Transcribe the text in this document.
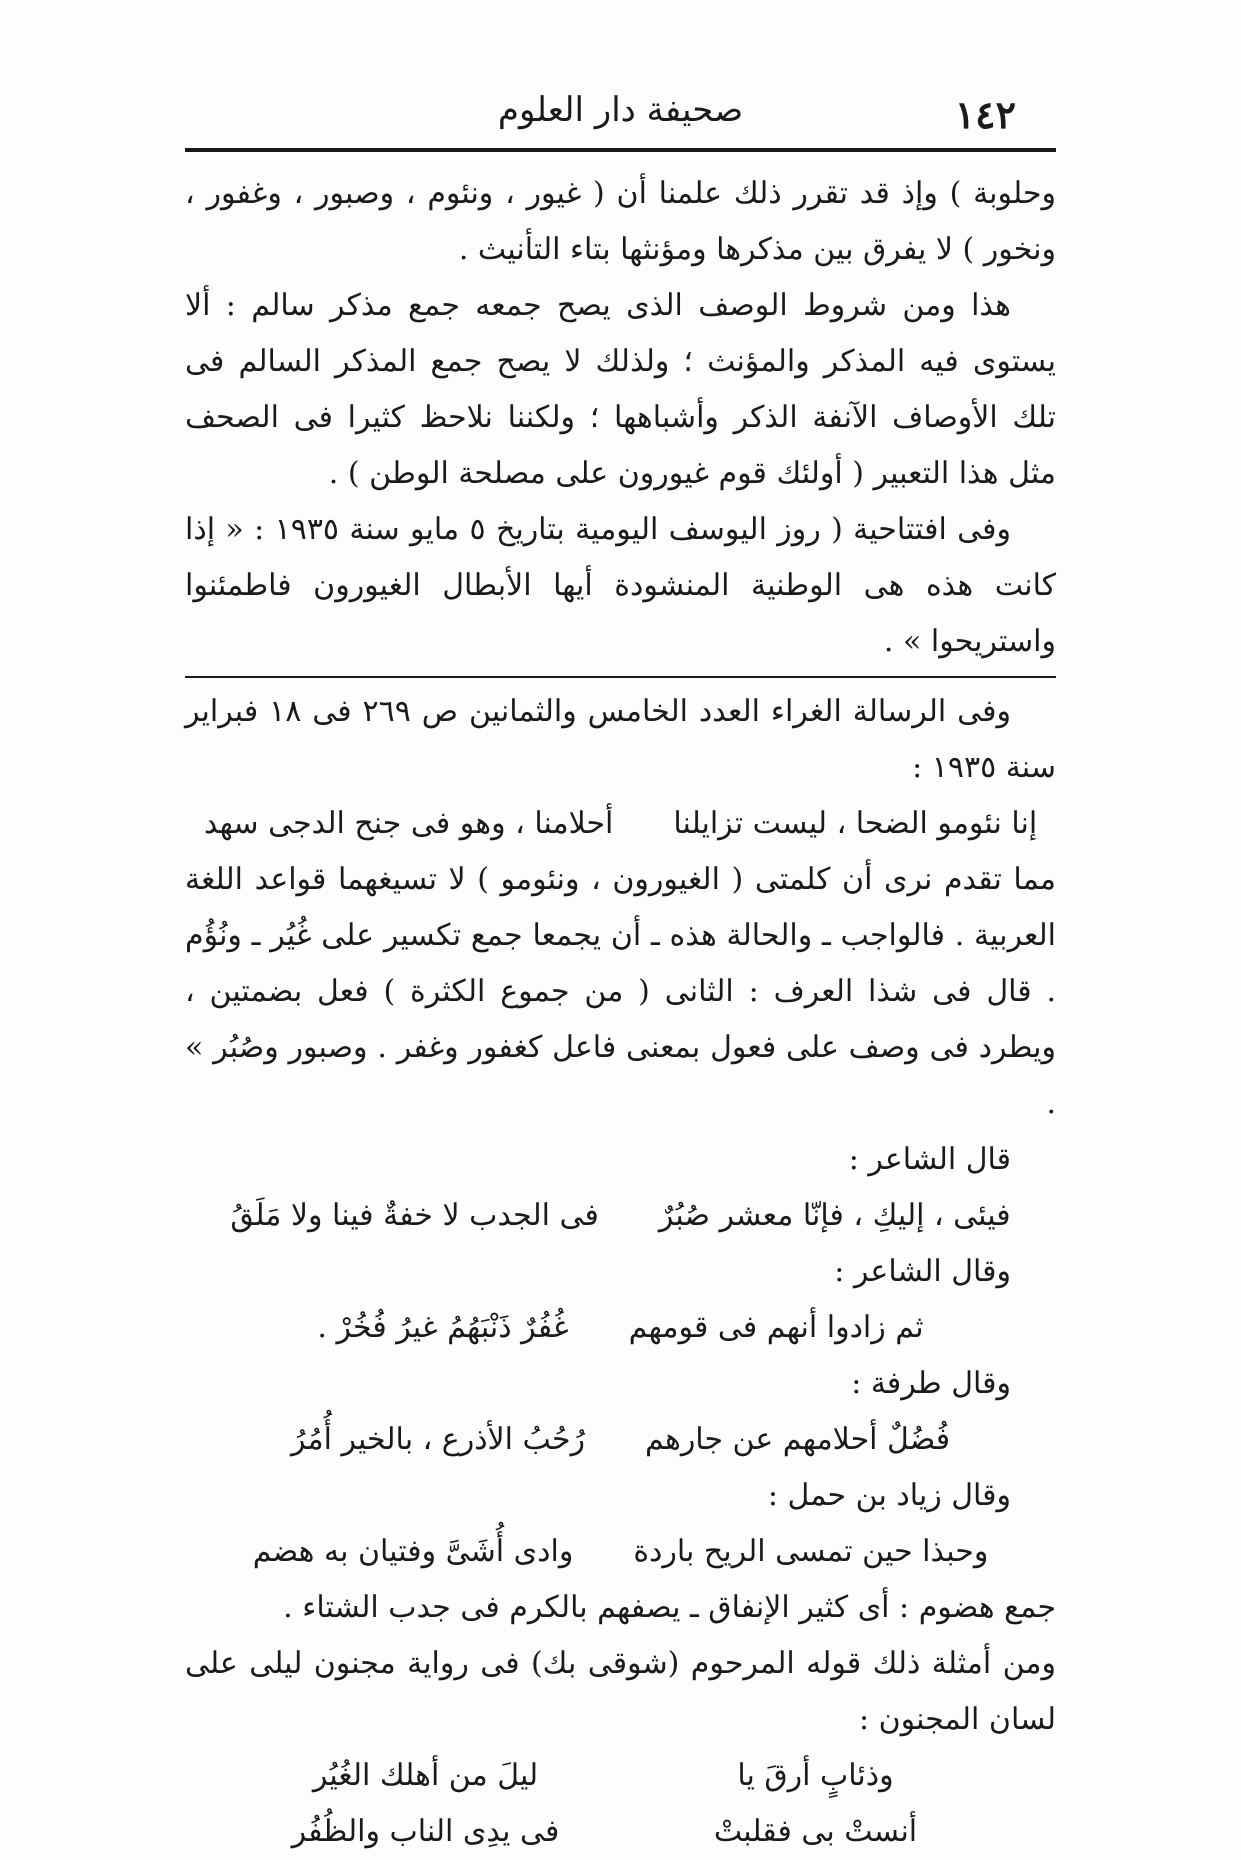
١٤٢
صحيفة دار العلوم

وحلوبة ) وإذ قد تقرر ذلك علمنا أن ( غيور ، ونئوم ، وصبور ، وغفور ، ونخور ) لا يفرق بين مذكرها ومؤنثها بتاء التأنيث .

هذا ومن شروط الوصف الذى يصح جمعه جمع مذكر سالم : ألا يستوى فيه المذكر والمؤنث ؛ ولذلك لا يصح جمع المذكر السالم فى تلك الأوصاف الآنفة الذكر وأشباهها ؛ ولكننا نلاحظ كثيرا فى الصحف مثل هذا التعبير ( أولئك قوم غيورون على مصلحة الوطن ) .

وفى افتتاحية ( روز اليوسف اليومية بتاريخ ٥ مايو سنة ١٩٣٥ : « إذا كانت هذه هى الوطنية المنشودة أيها الأبطال الغيورون فاطمئنوا واستريحوا » .

وفى الرسالة الغراء العدد الخامس والثمانين ص ٢٦٩ فى ١٨ فبراير سنة ١٩٣٥ :

إنا نئومو الضحا ، ليست تزايلنا
أحلامنا ، وهو فى جنح الدجى سهد

مما تقدم نرى أن كلمتى ( الغيورون ، ونئومو ) لا تسيغهما قواعد اللغة العربية . فالواجب ـ والحالة هذه ـ أن يجمعا جمع تكسير على غُيُر ـ ونُؤُم . قال فى شذا العرف : الثانى ( من جموع الكثرة ) فعل بضمتين ، ويطرد فى وصف على فعول بمعنى فاعل كغفور وغفر . وصبور وصُبُر » .

قال الشاعر :

فيئى ، إليكِ ، فإنّا معشر صُبُرٌ
فى الجدب لا خفةٌ فينا ولا مَلَقُ

وقال الشاعر :

ثم زادوا أنهم فى قومهم
غُفُرٌ ذَنْبَهُمُ غيرُ فُخُرْ .

وقال طرفة :

فُضُلٌ أحلامهم عن جارهم
رُحُبُ الأذرع ، بالخير أُمُرُ

وقال زياد بن حمل :

وحبذا حين تمسى الريح باردة
وادى أُشَىَّ وفتيان به هضم

جمع هضوم : أى كثير الإنفاق ـ يصفهم بالكرم فى جدب الشتاء .

ومن أمثلة ذلك قوله المرحوم (شوقى بك) فى رواية مجنون ليلى على لسان المجنون :

وذئابٍ أرقَ يا
ليلَ من أهلك الغُيُر
أنستْ بى فقلبتْ
فى يدِى الناب والظُفُر
